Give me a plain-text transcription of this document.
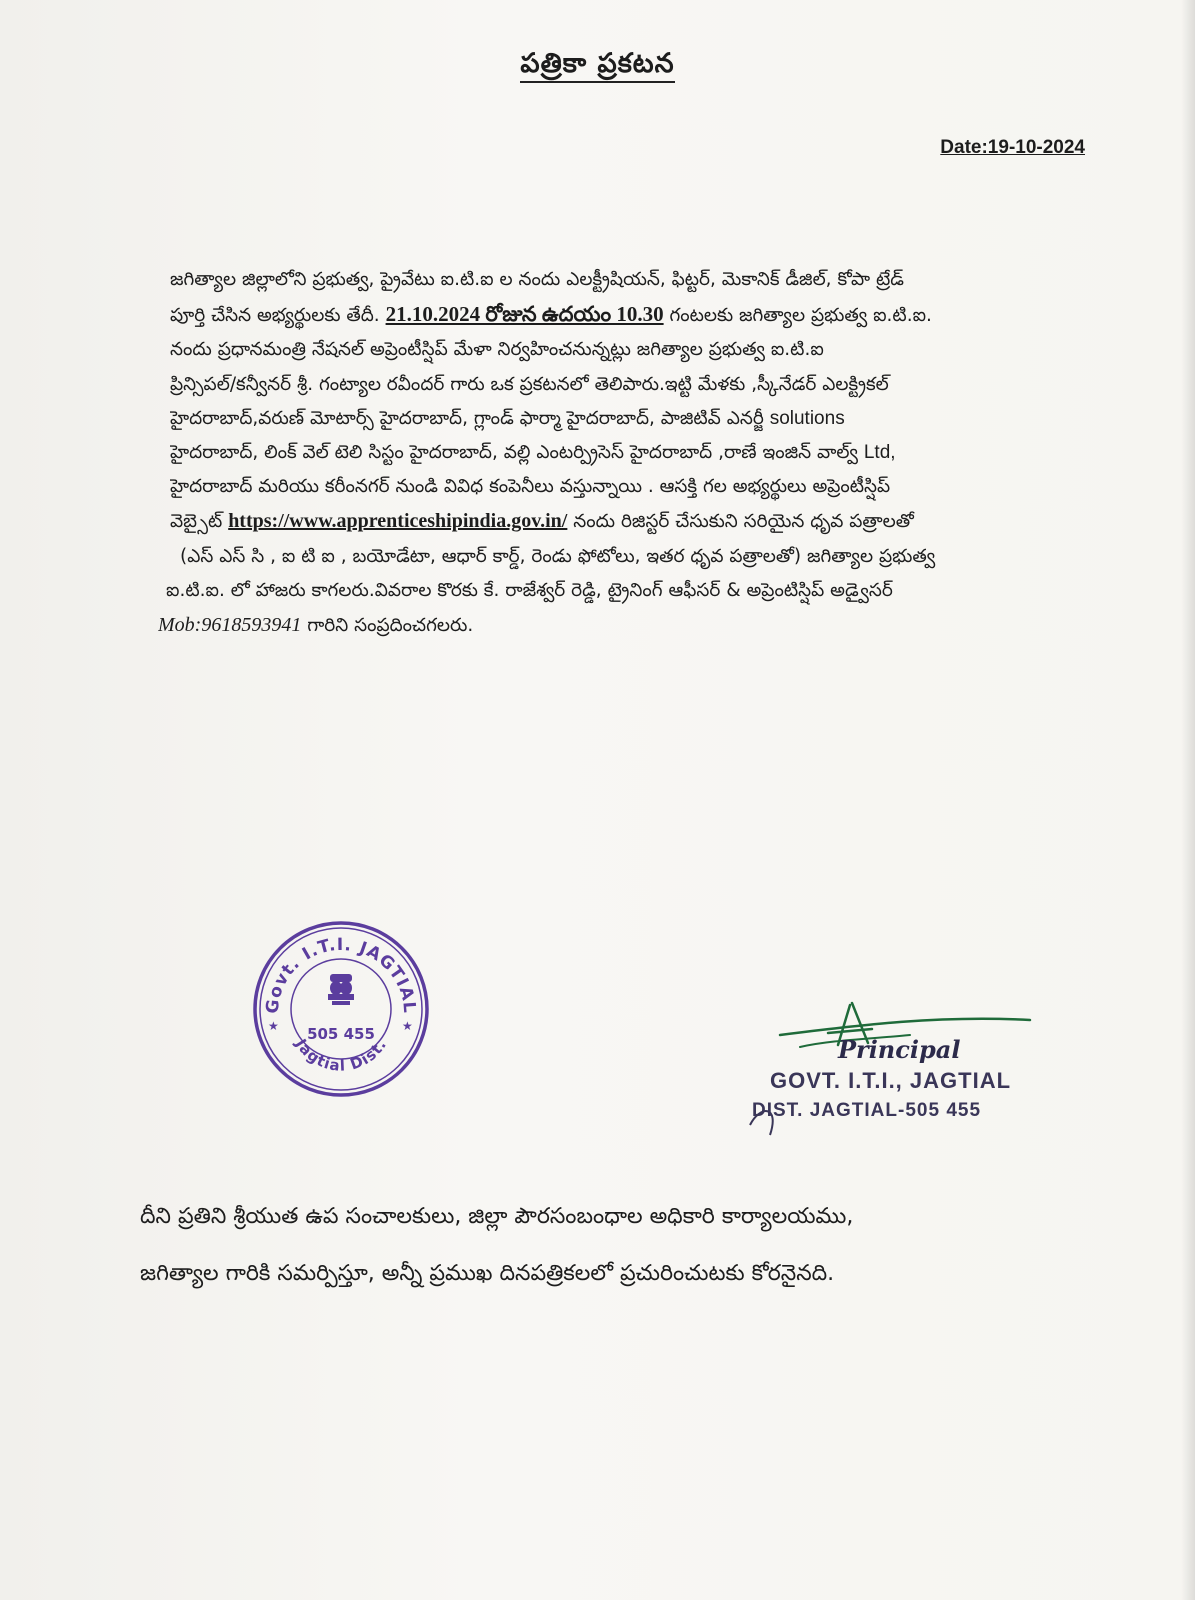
పత్రికా ప్రకటన
Date:19-10-2024
జగిత్యాల జిల్లాలోని ప్రభుత్వ, ప్రైవేటు ఐ.టి.ఐ ల నందు ఎలక్ట్రీషియన్, ఫిట్టర్, మెకానిక్ డీజిల్, కోపా ట్రేడ్
పూర్తి చేసిన అభ్యర్థులకు తేదీ. 21.10.2024 రోజున ఉదయం 10.30 గంటలకు జగిత్యాల ప్రభుత్వ ఐ.టి.ఐ.
నందు ప్రధానమంత్రి నేషనల్ అప్రెంటీస్షిప్ మేళా నిర్వహించనున్నట్లు జగిత్యాల ప్రభుత్వ ఐ.టి.ఐ
ప్రిన్సిపల్/కన్వీనర్ శ్రీ. గంట్యాల రవీందర్ గారు ఒక ప్రకటనలో తెలిపారు.ఇట్టి మేళకు ,స్కీనేడర్ ఎలక్ట్రికల్
హైదరాబాద్,వరుణ్ మోటార్స్ హైదరాబాద్, గ్లాండ్ ఫార్మా హైదరాబాద్, పాజిటివ్ ఎనర్జీ solutions
హైదరాబాద్, లింక్ వెల్ టెలి సిస్టం హైదరాబాద్, వల్లి ఎంటర్ప్రిసెస్ హైదరాబాద్ ,రాణే ఇంజిన్ వాల్వ్ Ltd,
హైదరాబాద్ మరియు కరీంనగర్ నుండి వివిధ కంపెనీలు వస్తున్నాయి . ఆసక్తి గల అభ్యర్థులు అప్రెంటీస్షిప్
వెబ్సైట్ https://www.apprenticeshipindia.gov.in/ నందు రిజిస్టర్ చేసుకుని సరియైన ధృవ పత్రాలతో
(ఎస్ ఎస్ సి , ఐ టి ఐ , బయోడేటా, ఆధార్ కార్డ్, రెండు ఫోటోలు, ఇతర ధృవ పత్రాలతో) జగిత్యాల ప్రభుత్వ
ఐ.టి.ఐ. లో హాజరు కాగలరు.వివరాల కొరకు కే. రాజేశ్వర్ రెడ్డి, ట్రైనింగ్ ఆఫీసర్ & అప్రెంటిస్షిప్ అడ్వైసర్
Mob:9618593941 గారిని సంప్రదించగలరు.
Govt. I.T.I. JAGTIAL
Jagtial Dist.
505 455
★	★
Principal
GOVT. I.T.I., JAGTIAL
DIST. JAGTIAL-505 455
దీని ప్రతిని శ్రీయుత ఉప సంచాలకులు, జిల్లా పౌరసంబంధాల అధికారి కార్యాలయము,
జగిత్యాల గారికి సమర్పిస్తూ, అన్నీ ప్రముఖ దినపత్రికలలో ప్రచురించుటకు కోరనైనది.
